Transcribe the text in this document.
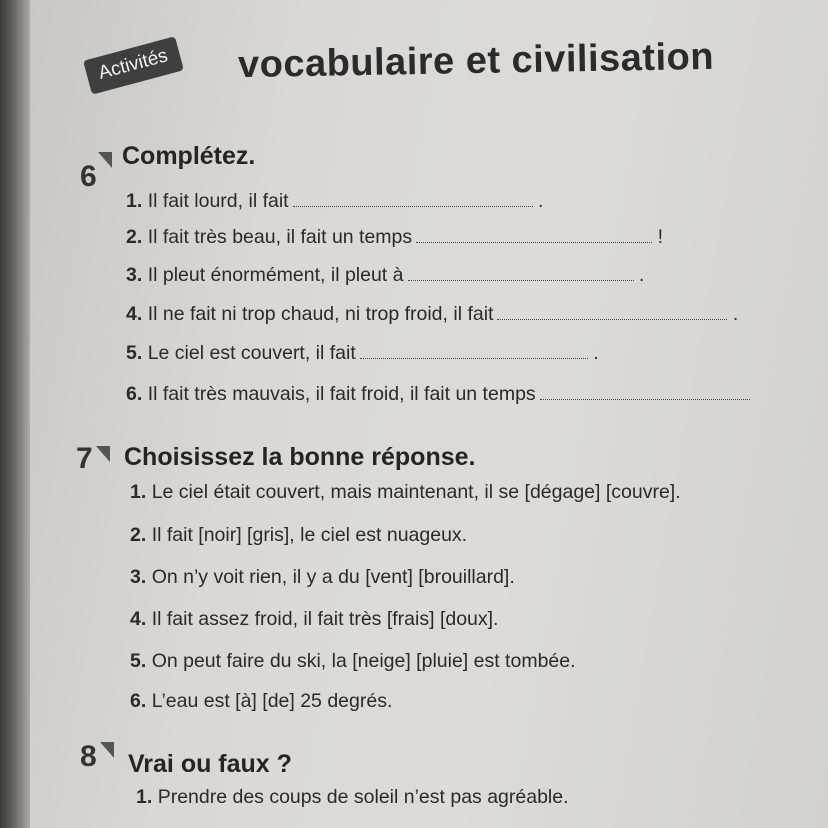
Activités	vocabulaire et civilisation
6
Complétez.
1. Il fait lourd, il fait	.
2. Il fait très beau, il fait un temps	!
3. Il pleut énormément, il pleut à	.
4. Il ne fait ni trop chaud, ni trop froid, il fait	.
5. Le ciel est couvert, il fait	.
6. Il fait très mauvais, il fait froid, il fait un temps
7 Choisissez la bonne réponse.
1. Le ciel était couvert, mais maintenant, il se [dégage] [couvre].
2. Il fait [noir] [gris], le ciel est nuageux.
3. On n’y voit rien, il y a du [vent] [brouillard].
4. Il fait assez froid, il fait très [frais] [doux].
5. On peut faire du ski, la [neige] [pluie] est tombée.
6. L’eau est [à] [de] 25 degrés.
8 Vrai ou faux ?
1. Prendre des coups de soleil n’est pas agréable.
